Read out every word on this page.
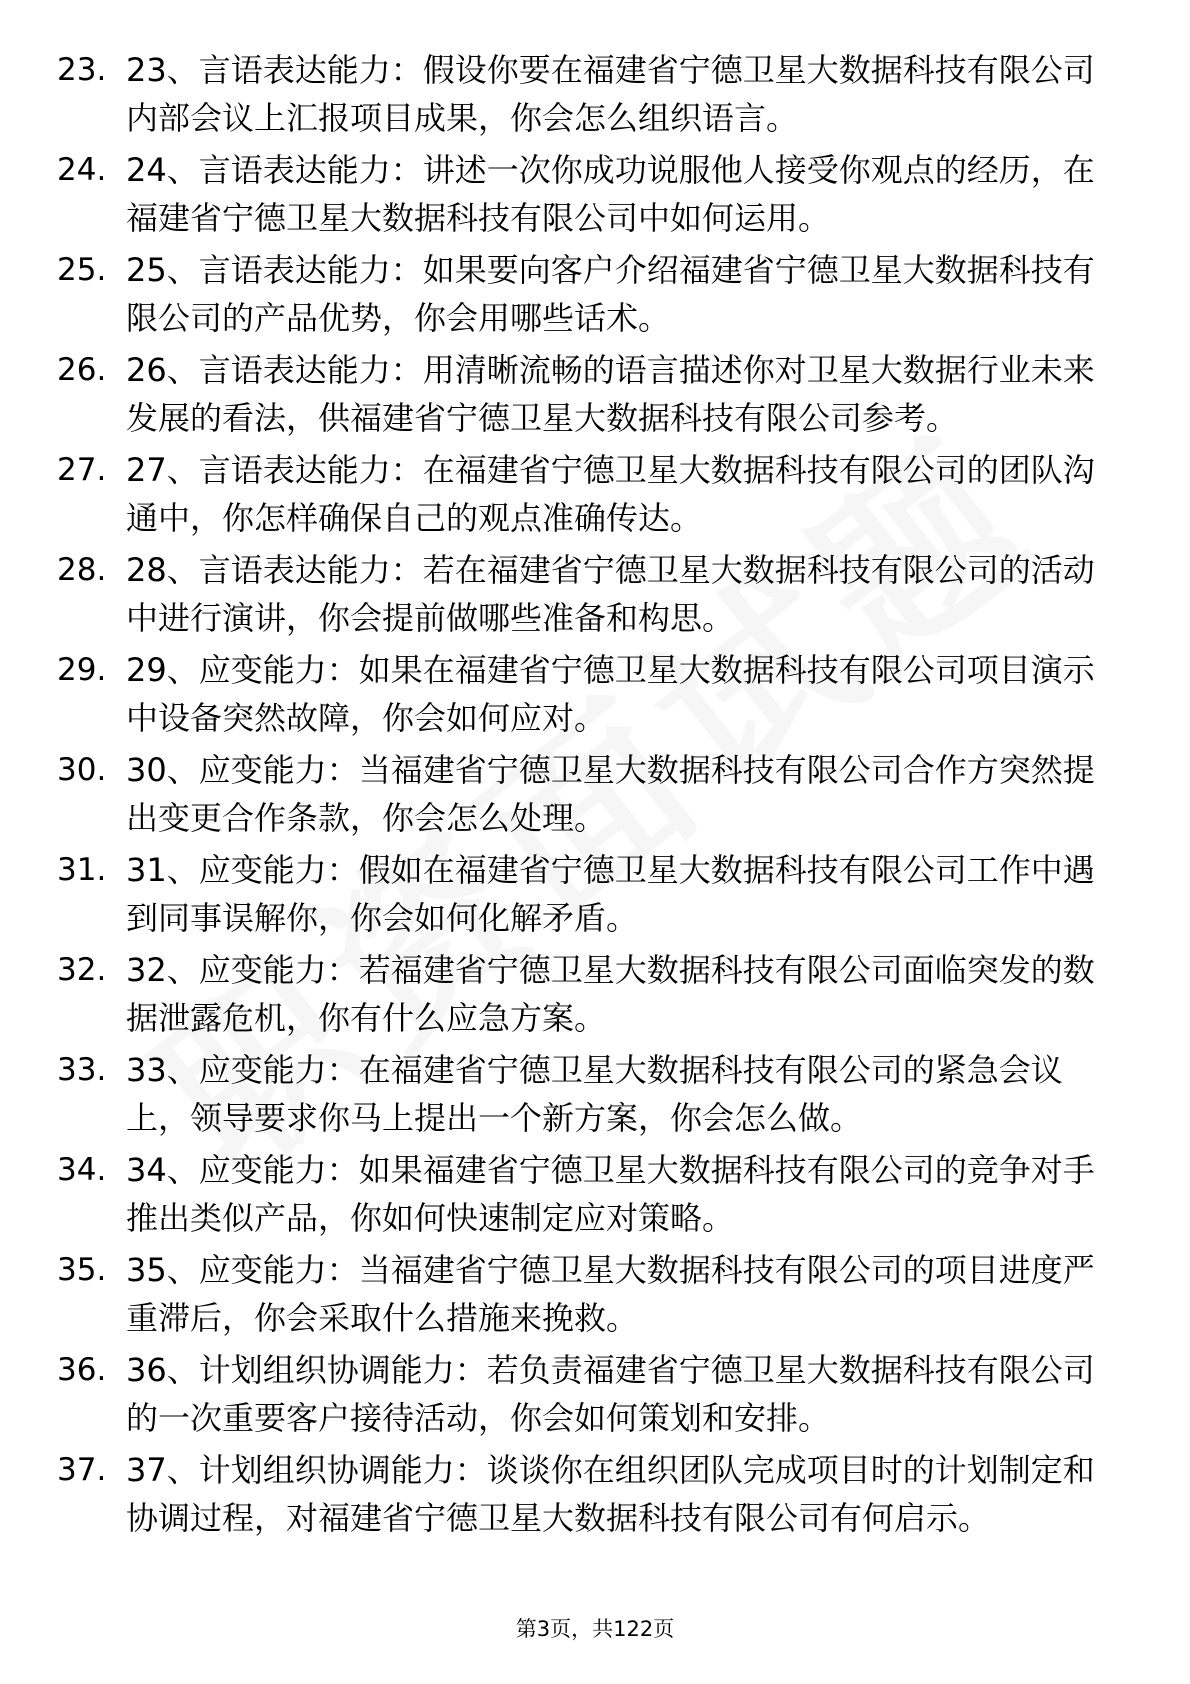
23. 23、言语表达能力：假设你要在福建省宁德卫星大数据科技有限公司内部会议上汇报项目成果，你会怎么组织语言。
24. 24、言语表达能力：讲述一次你成功说服他人接受你观点的经历，在福建省宁德卫星大数据科技有限公司中如何运用。
25. 25、言语表达能力：如果要向客户介绍福建省宁德卫星大数据科技有限公司的产品优势，你会用哪些话术。
26. 26、言语表达能力：用清晰流畅的语言描述你对卫星大数据行业未来发展的看法，供福建省宁德卫星大数据科技有限公司参考。
27. 27、言语表达能力：在福建省宁德卫星大数据科技有限公司的团队沟通中，你怎样确保自己的观点准确传达。
28. 28、言语表达能力：若在福建省宁德卫星大数据科技有限公司的活动中进行演讲，你会提前做哪些准备和构思。
29. 29、应变能力：如果在福建省宁德卫星大数据科技有限公司项目演示中设备突然故障，你会如何应对。
30. 30、应变能力：当福建省宁德卫星大数据科技有限公司合作方突然提出变更合作条款，你会怎么处理。
31. 31、应变能力：假如在福建省宁德卫星大数据科技有限公司工作中遇到同事误解你，你会如何化解矛盾。
32. 32、应变能力：若福建省宁德卫星大数据科技有限公司面临突发的数据泄露危机，你有什么应急方案。
33. 33、应变能力：在福建省宁德卫星大数据科技有限公司的紧急会议上，领导要求你马上提出一个新方案，你会怎么做。
34. 34、应变能力：如果福建省宁德卫星大数据科技有限公司的竞争对手推出类似产品，你如何快速制定应对策略。
35. 35、应变能力：当福建省宁德卫星大数据科技有限公司的项目进度严重滞后，你会采取什么措施来挽救。
36. 36、计划组织协调能力：若负责福建省宁德卫星大数据科技有限公司的一次重要客户接待活动，你会如何策划和安排。
37. 37、计划组织协调能力：谈谈你在组织团队完成项目时的计划制定和协调过程，对福建省宁德卫星大数据科技有限公司有何启示。
第3页，共122页
